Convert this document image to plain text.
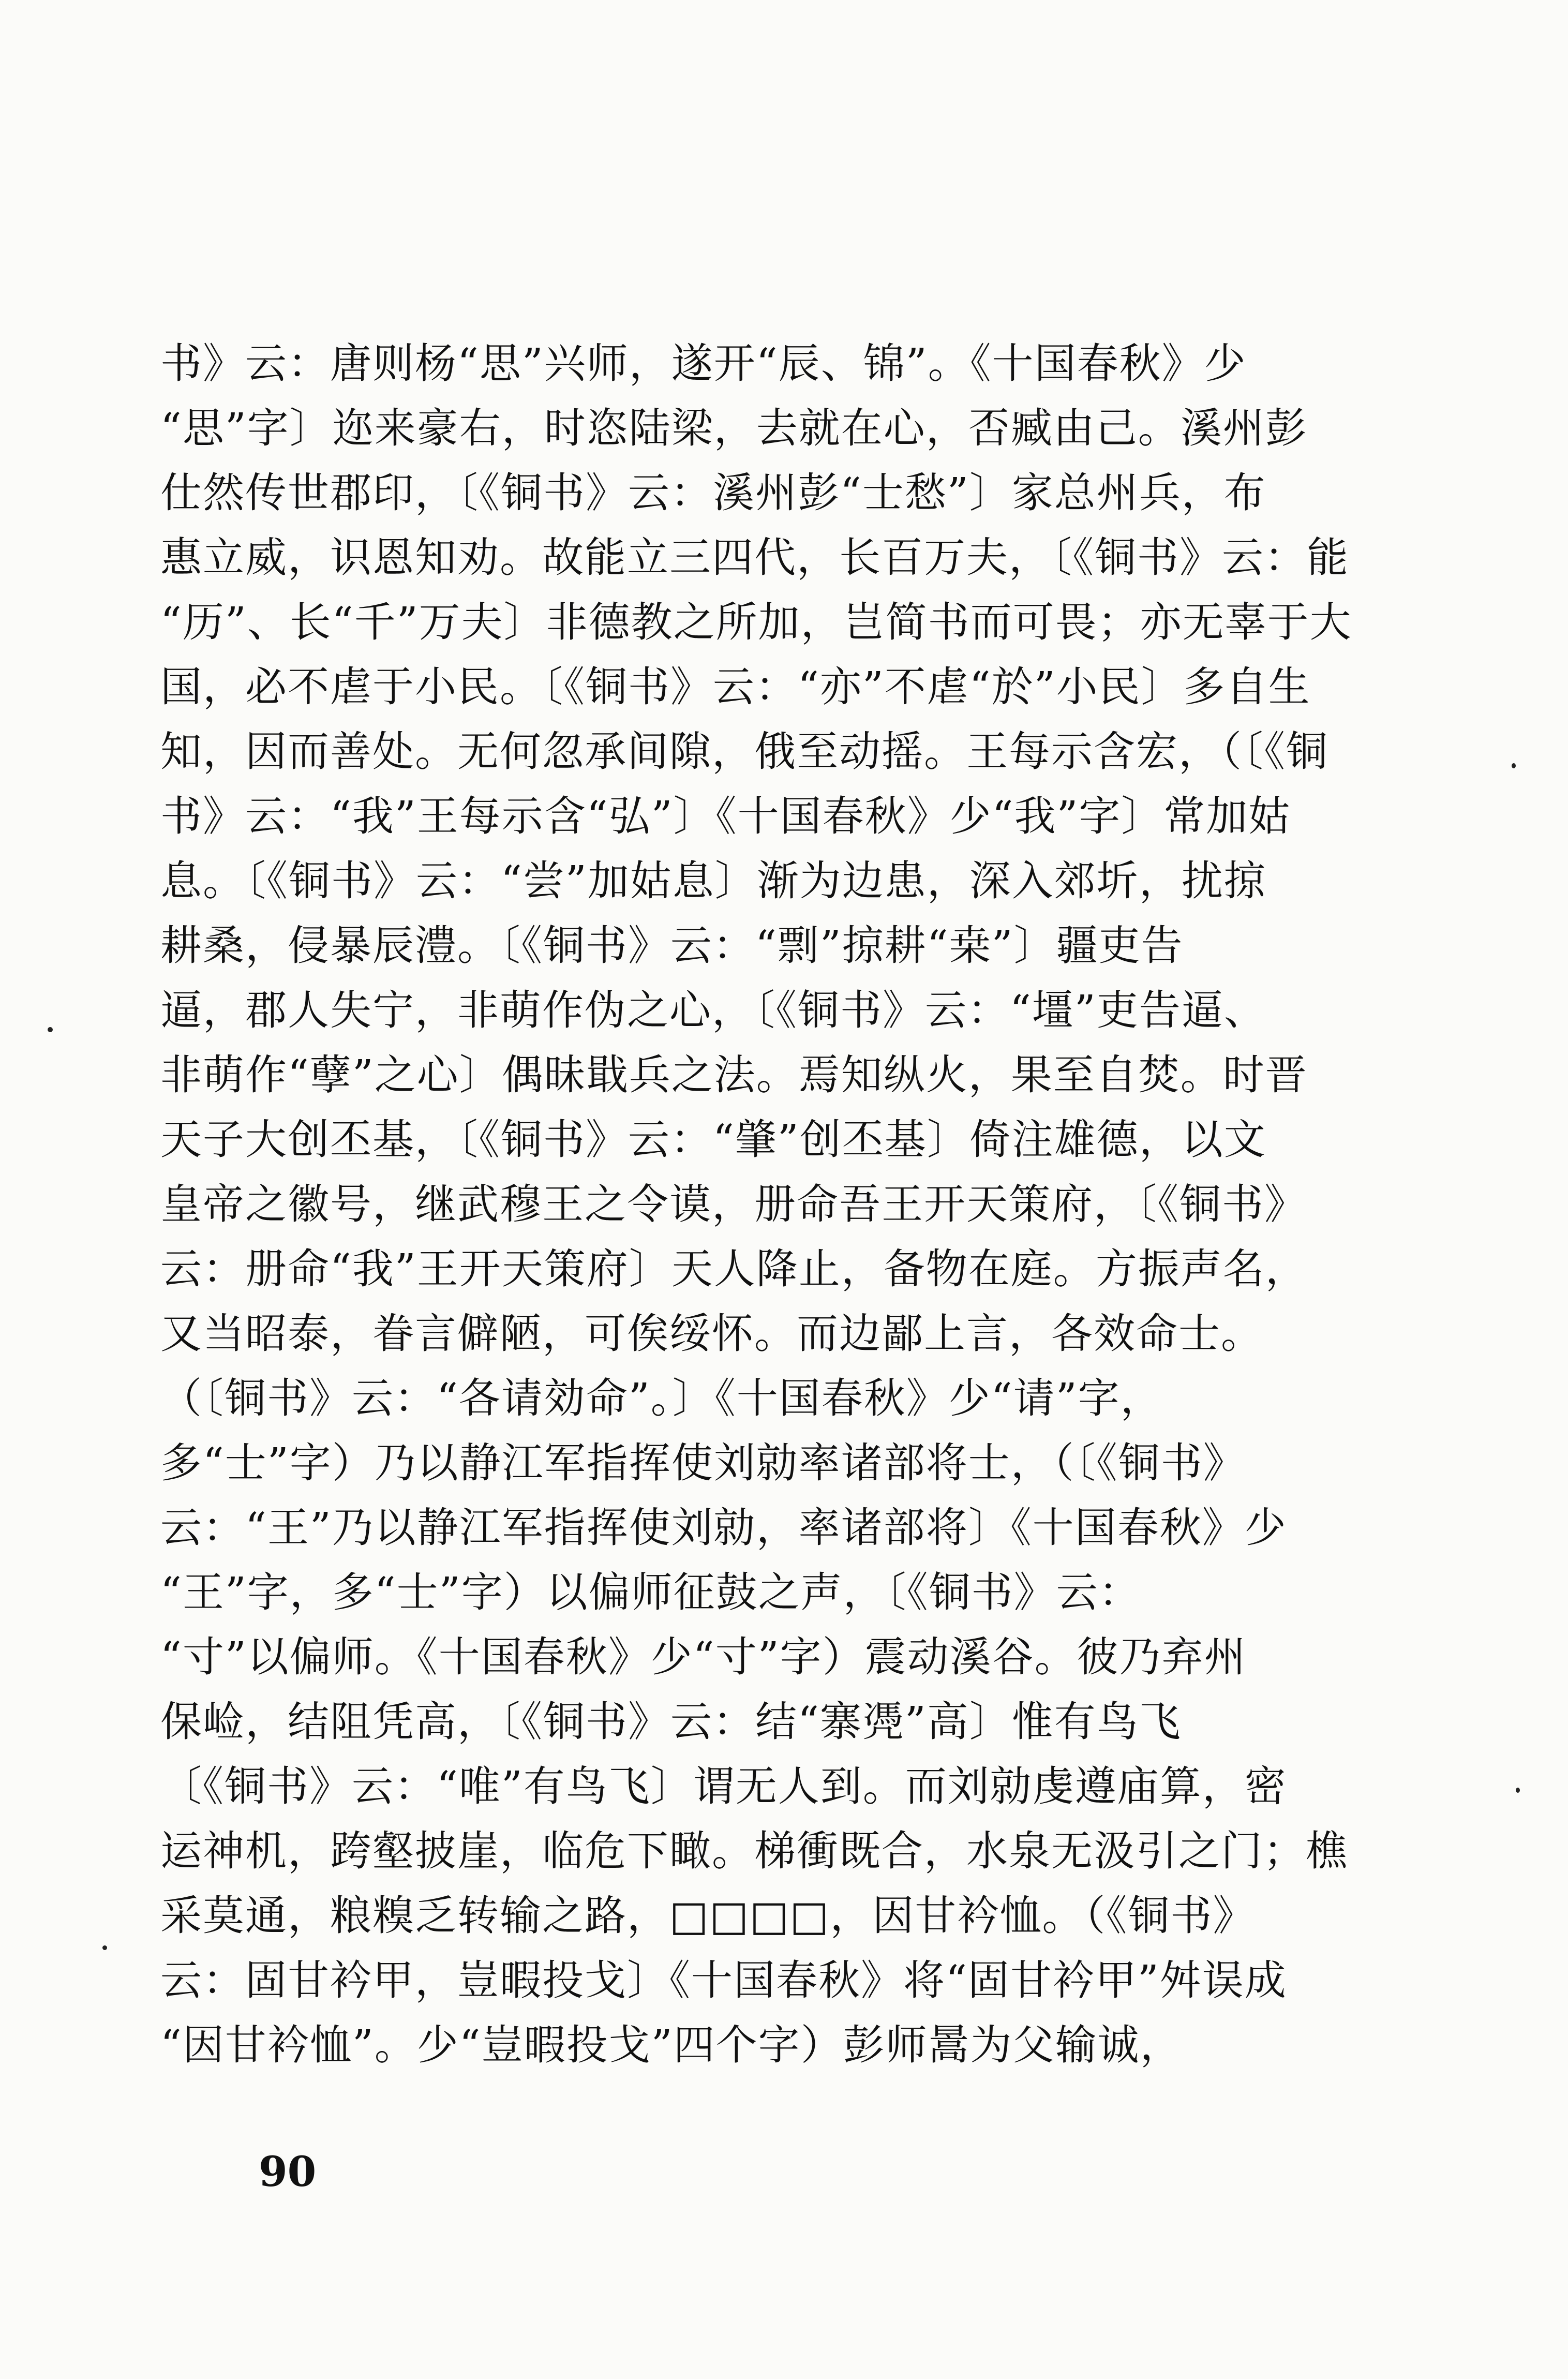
书》云：唐则杨“思”兴师，遂开“辰、锦”。《十国春秋》少
“思”字〕迩来豪右，时恣陆梁，去就在心，否臧由己。溪州彭
仕然传世郡印，〔《铜书》云：溪州彭“士愁”〕家总州兵，布
惠立威，识恩知劝。故能立三四代，长百万夫，〔《铜书》云：能
“历”、长“千”万夫〕非德教之所加，岂简书而可畏；亦无辜于大
国，必不虐于小民。〔《铜书》云：“亦”不虐“於”小民〕多自生
知，因而善处。无何忽承间隙，俄至动摇。王每示含宏，（〔《铜
书》云：“我”王每示含“弘”〕《十国春秋》少“我”字〕常加姑
息。〔《铜书》云：“尝”加姑息〕渐为边患，深入郊圻，扰掠
耕桑，侵暴辰澧。〔《铜书》云：“剽”掠耕“桒”〕疆吏告
逼，郡人失宁，非萌作伪之心，〔《铜书》云：“壃”吏告逼、
非萌作“孽”之心〕偶昧戢兵之法。焉知纵火，果至自焚。时晋
天子大创丕基，〔《铜书》云：“肇”创丕基〕倚注雄德，以文
皇帝之徽号，继武穆王之令谟，册命吾王开天策府，〔《铜书》
云：册命“我”王开天策府〕天人降止，备物在庭。方振声名，
又当昭泰，眷言僻陋，可俟绥怀。而边鄙上言，各效命士。
（〔铜书》云：“各请効命”。〕《十国春秋》少“请”字，
多“士”字）乃以静江军指挥使刘勍率诸部将士，（〔《铜书》
云：“王”乃以静江军指挥使刘勍，率诸部将〕《十国春秋》少
“王”字，多“士”字）以偏师征鼓之声，〔《铜书》云：
“寸”以偏师。《十国春秋》少“寸”字）震动溪谷。彼乃弃州
保崄，结阻凭高，〔《铜书》云：结“寨凴”高〕惟有鸟飞
〔《铜书》云：“唯”有鸟飞〕谓无人到。而刘勍虔遵庙算，密
运神机，跨壑披崖，临危下瞰。梯衝既合，水泉无汲引之门；樵
采莫通，粮糗乏转输之路，□□□□，因甘衿恤。（《铜书》
云：固甘衿甲，豈暇投戈〕《十国春秋》将“固甘衿甲”舛误成
“因甘衿恤”。少“豈暇投戈”四个字）彭师暠为父输诚，
90
